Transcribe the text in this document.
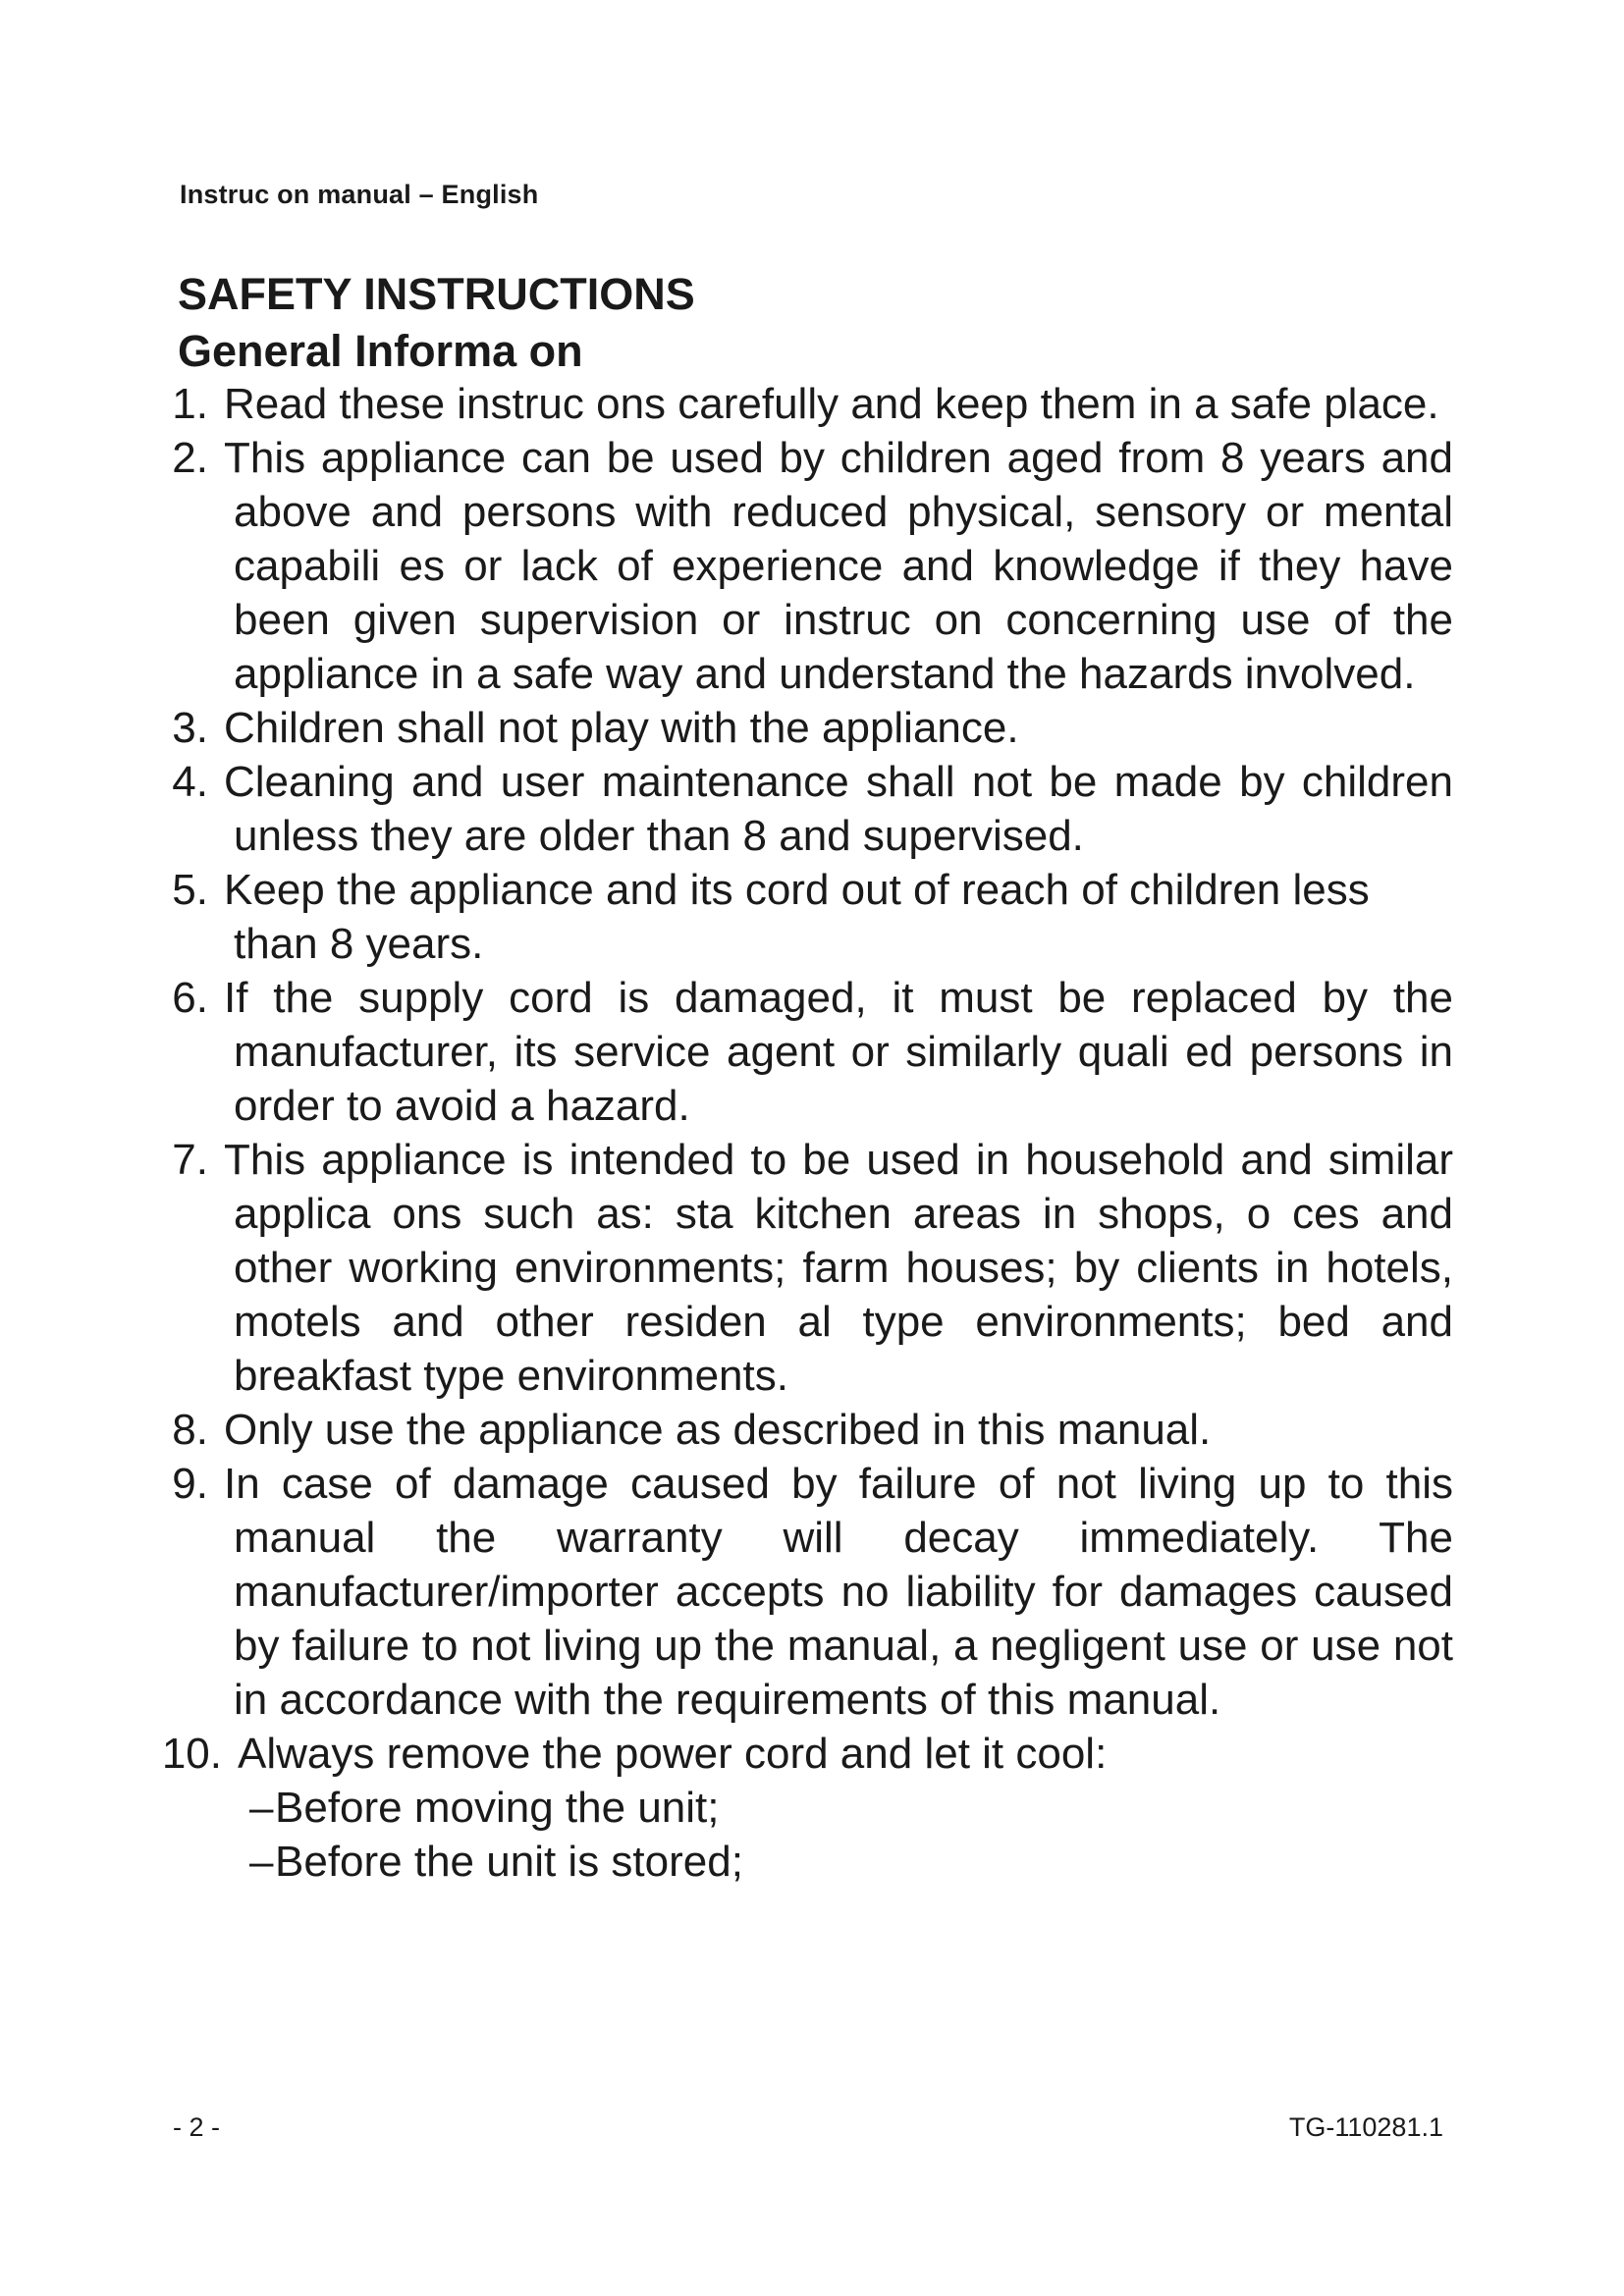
Instruc on manual – English
SAFETY INSTRUCTIONS
General Informa on
1. Read these instruc ons carefully and keep them in a safe place.
2. This appliance can be used by children aged from 8 years and above and persons with reduced physical, sensory or mental capabili es or lack of experience and knowledge if they have been given supervision or instruc on concerning use of the appliance in a safe way and understand the hazards involved.
3. Children shall not play with the appliance.
4. Cleaning and user maintenance shall not be made by children unless they are older than 8 and supervised.
5. Keep the appliance and its cord out of reach of children less than 8 years.
6. If the supply cord is damaged, it must be replaced by the manufacturer, its service agent or similarly quali ed persons in order to avoid a hazard.
7. This appliance is intended to be used in household and similar applica ons such as: sta kitchen areas in shops, o ces and other working environments; farm houses; by clients in hotels, motels and other residen al type environments; bed and breakfast type environments.
8. Only use the appliance as described in this manual.
9. In case of damage caused by failure of not living up to this manual the warranty will decay immediately. The manufacturer/importer accepts no liability for damages caused by failure to not living up the manual, a negligent use or use not in accordance with the requirements of this manual.
10. Always remove the power cord and let it cool:
–Before moving the unit;
–Before the unit is stored;
- 2 -	TG-110281.1
